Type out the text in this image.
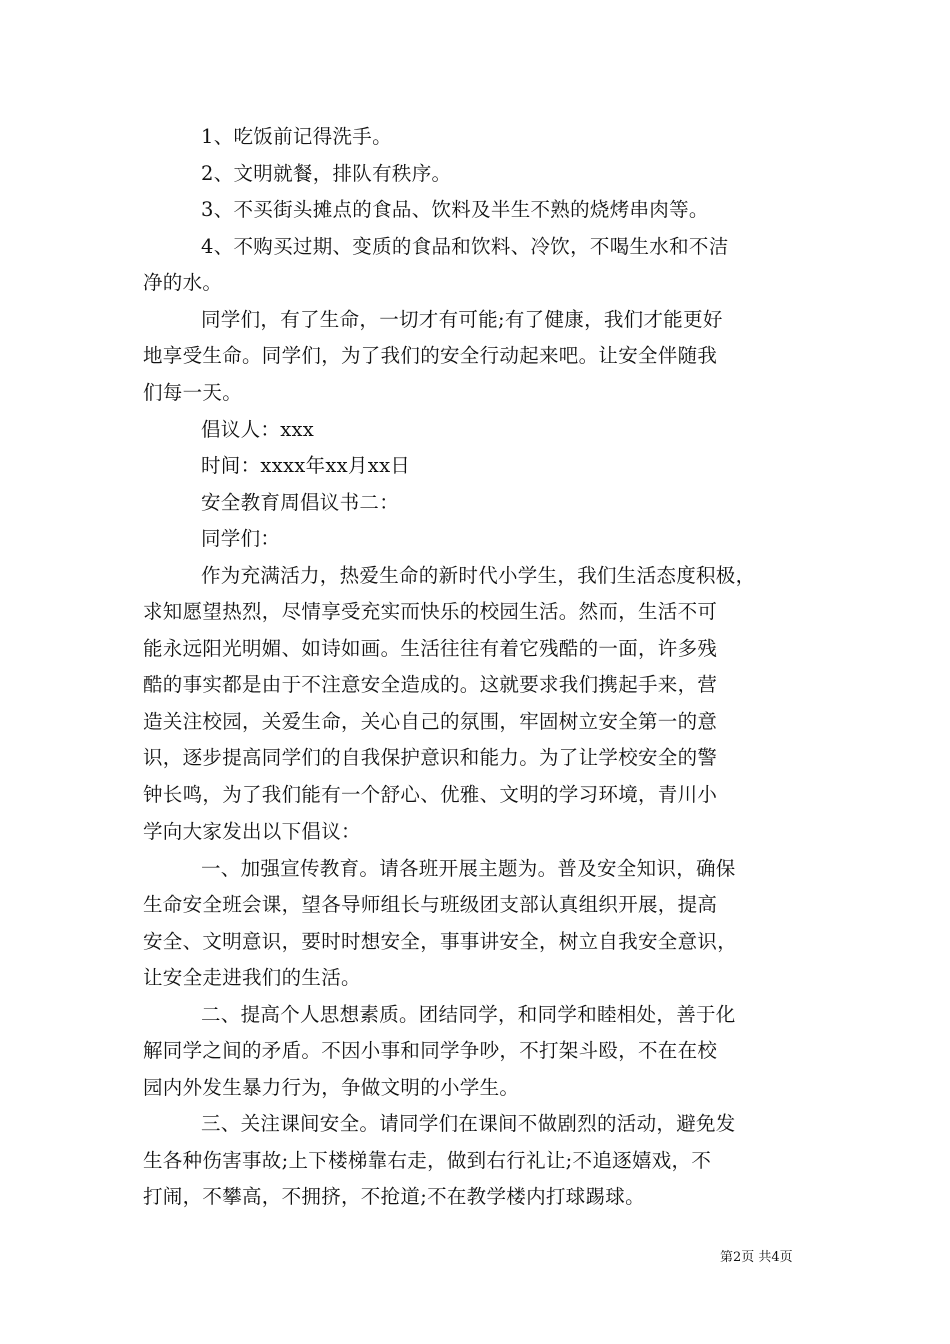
1、吃饭前记得洗手。
2、文明就餐，排队有秩序。
3、不买街头摊点的食品、饮料及半生不熟的烧烤串肉等。
4、不购买过期、变质的食品和饮料、冷饮，不喝生水和不洁
净的水。
同学们，有了生命，一切才有可能;有了健康，我们才能更好
地享受生命。同学们，为了我们的安全行动起来吧。让安全伴随我
们每一天。
倡议人：xxx
时间：xxxx年xx月xx日
安全教育周倡议书二：
同学们：
作为充满活力，热爱生命的新时代小学生，我们生活态度积极，
求知愿望热烈，尽情享受充实而快乐的校园生活。然而，生活不可
能永远阳光明媚、如诗如画。生活往往有着它残酷的一面，许多残
酷的事实都是由于不注意安全造成的。这就要求我们携起手来，营
造关注校园，关爱生命，关心自己的氛围，牢固树立安全第一的意
识，逐步提高同学们的自我保护意识和能力。为了让学校安全的警
钟长鸣，为了我们能有一个舒心、优雅、文明的学习环境，青川小
学向大家发出以下倡议：
一、加强宣传教育。请各班开展主题为。普及安全知识，确保
生命安全班会课，望各导师组长与班级团支部认真组织开展，提高
安全、文明意识，要时时想安全，事事讲安全，树立自我安全意识，
让安全走进我们的生活。
二、提高个人思想素质。团结同学，和同学和睦相处，善于化
解同学之间的矛盾。不因小事和同学争吵，不打架斗殴，不在在校
园内外发生暴力行为，争做文明的小学生。
三、关注课间安全。请同学们在课间不做剧烈的活动，避免发
生各种伤害事故;上下楼梯靠右走，做到右行礼让;不追逐嬉戏，不
打闹，不攀高，不拥挤，不抢道;不在教学楼内打球踢球。
第2页 共4页
